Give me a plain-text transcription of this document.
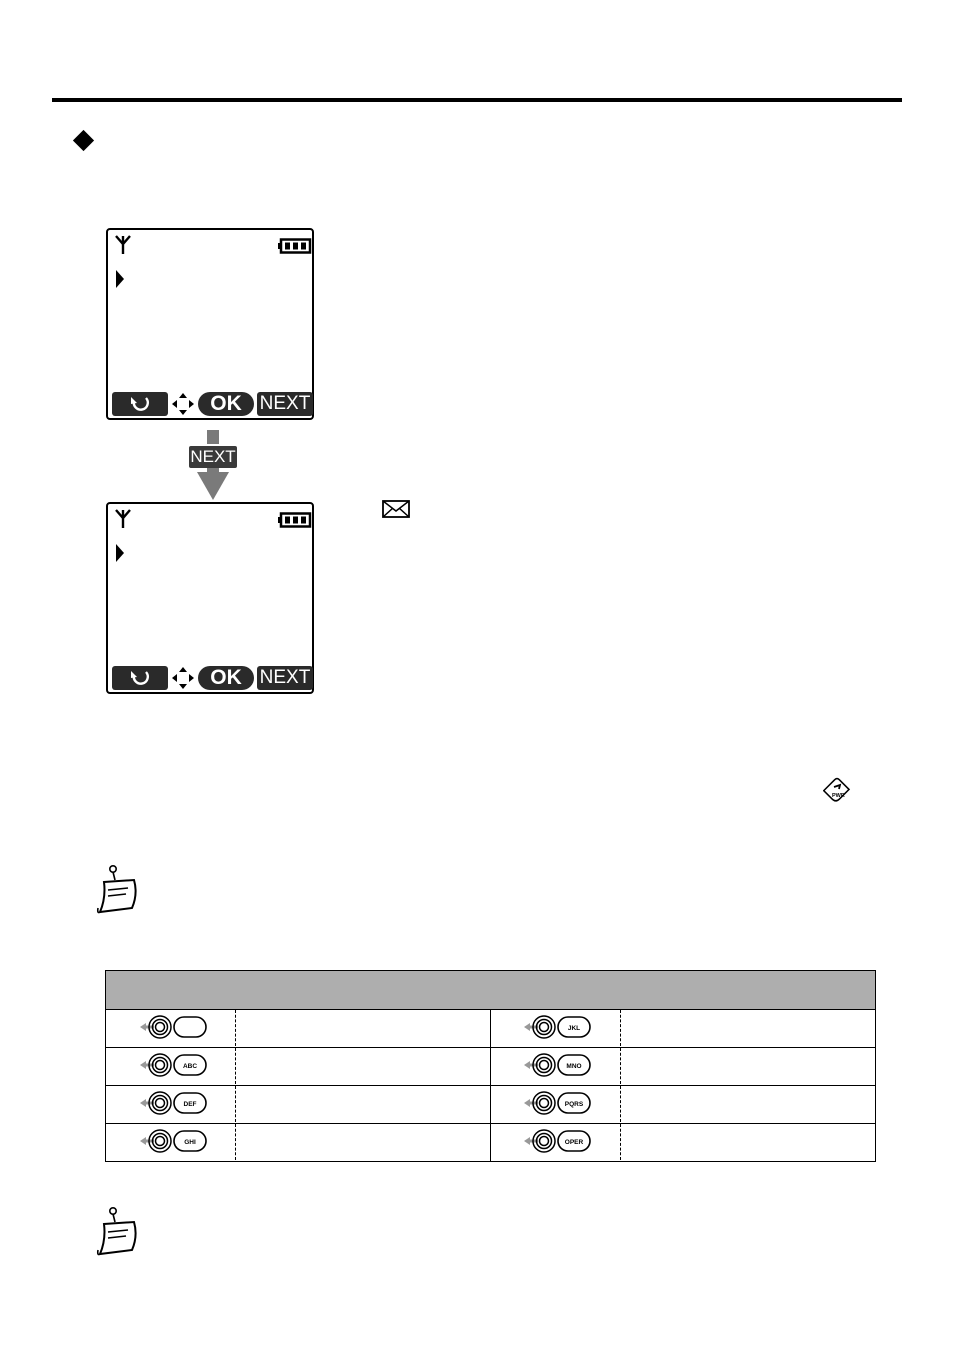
OK NEXT
NEXT
OK NEXT
PWR
ABC
DEF
GHI
JKL
MNO
PQRS
OPER
